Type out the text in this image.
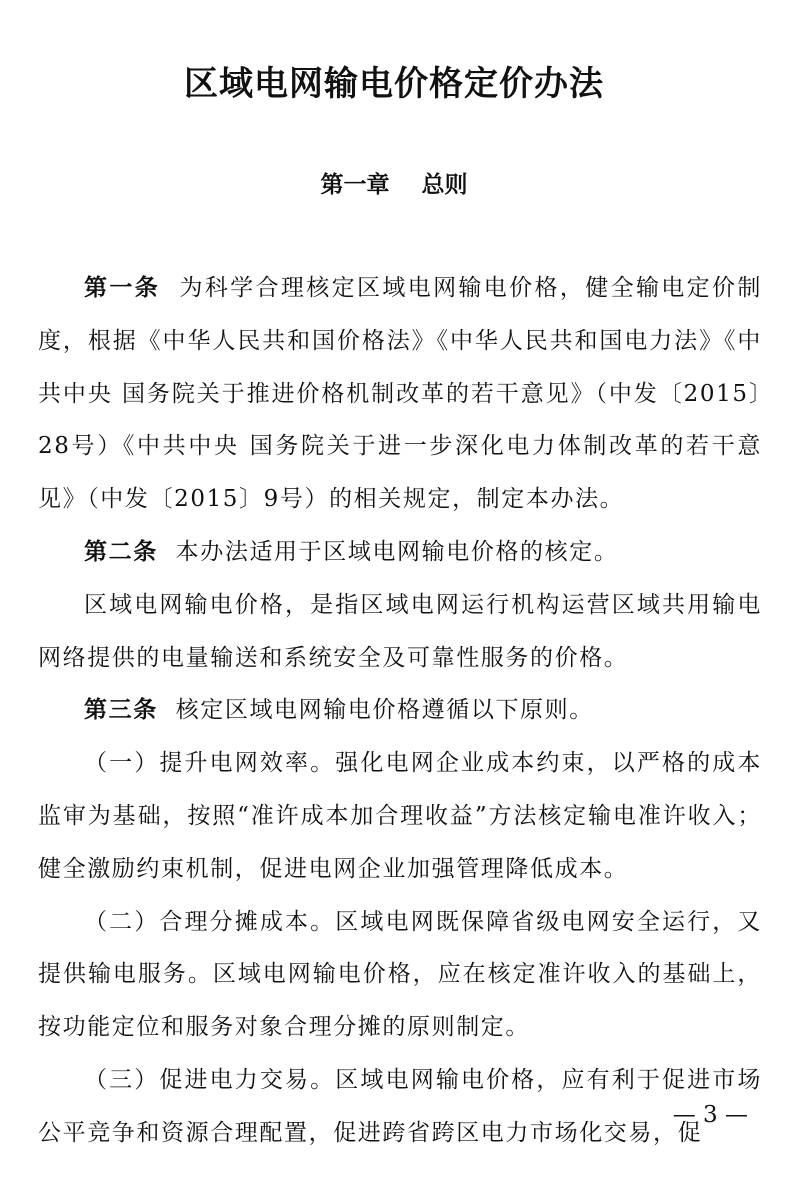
区域电网输电价格定价办法
第一章    总则

第一条 为科学合理核定区域电网输电价格，健全输电定价制度，根据《中华人民共和国价格法》《中华人民共和国电力法》《中共中央 国务院关于推进价格机制改革的若干意见》（中发〔2015〕28号）《中共中央 国务院关于进一步深化电力体制改革的若干意见》（中发〔2015〕9号）的相关规定，制定本办法。

第二条 本办法适用于区域电网输电价格的核定。

区域电网输电价格，是指区域电网运行机构运营区域共用输电网络提供的电量输送和系统安全及可靠性服务的价格。

第三条 核定区域电网输电价格遵循以下原则。

（一）提升电网效率。强化电网企业成本约束，以严格的成本监审为基础，按照“准许成本加合理收益”方法核定输电准许收入；健全激励约束机制，促进电网企业加强管理降低成本。

（二）合理分摊成本。区域电网既保障省级电网安全运行，又提供输电服务。区域电网输电价格，应在核定准许收入的基础上，按功能定位和服务对象合理分摊的原则制定。

（三）促进电力交易。区域电网输电价格，应有利于促进市场公平竞争和资源合理配置，促进跨省跨区电力市场化交易，促

— 3 —
